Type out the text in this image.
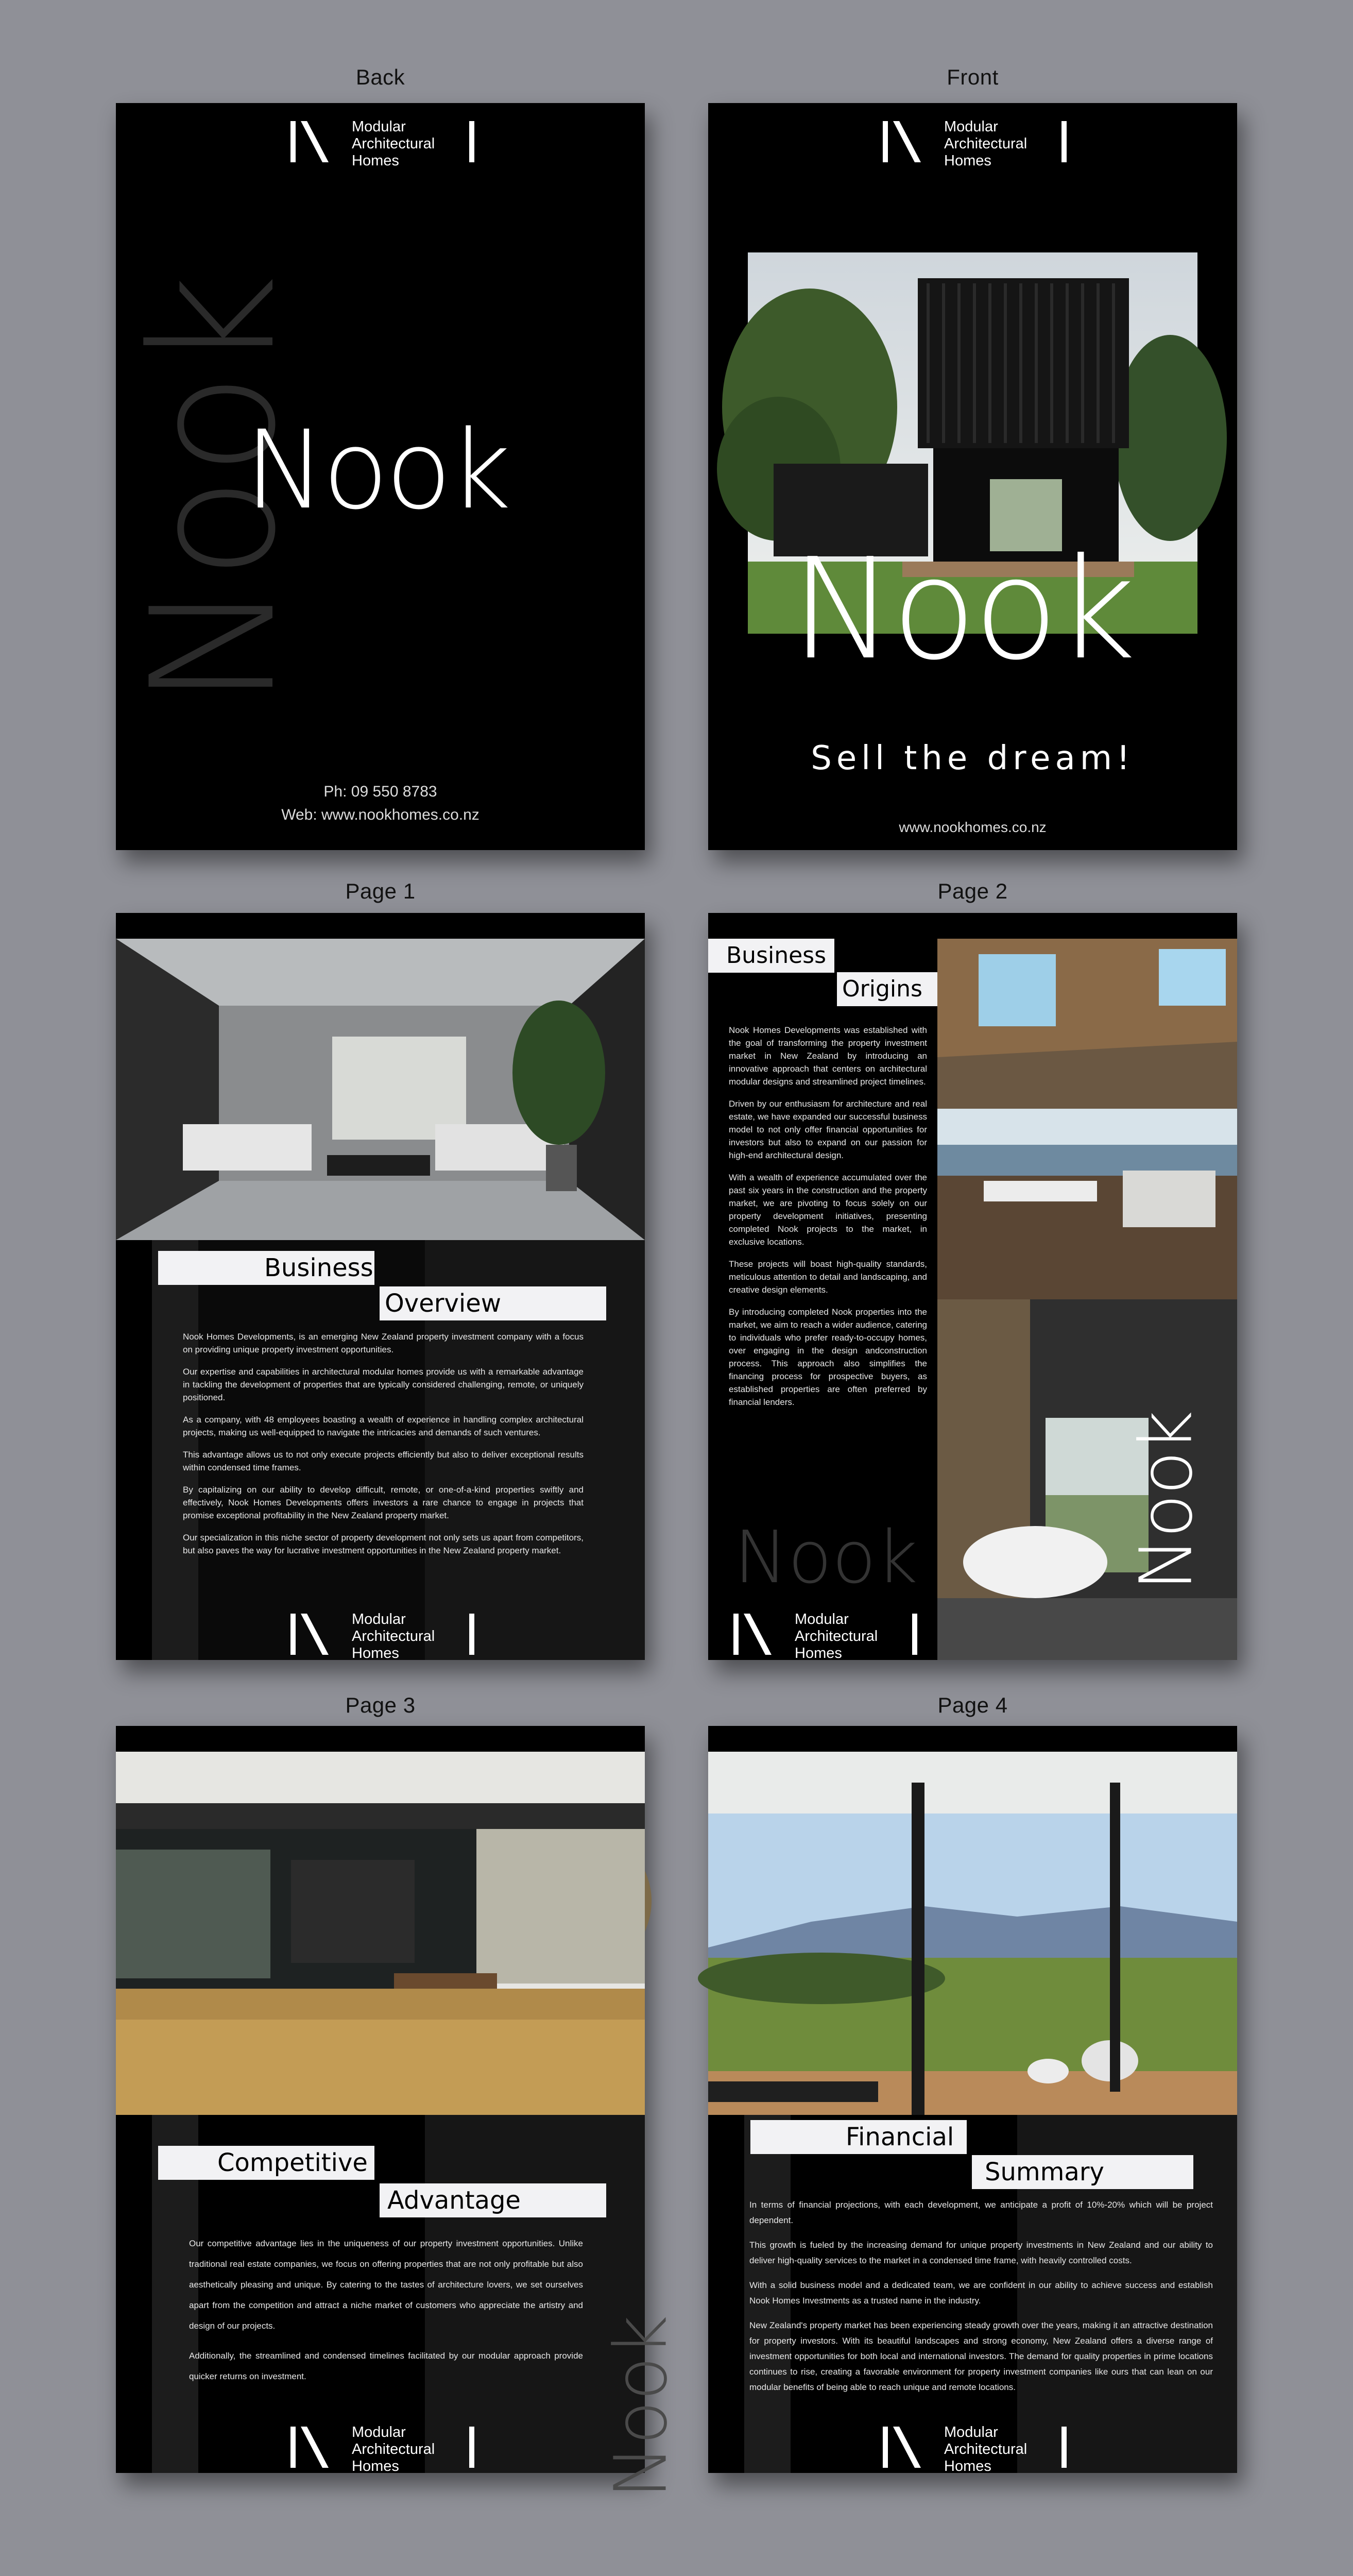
Back	Front
Page 1	Page 2
Page 3	Page 4
Nook
Modular
Architectural
Homes
Nook
Ph: 09 550 8783
Web: www.nookhomes.co.nz
Modular
Architectural
Homes
Nook
Sell the dream!
www.nookhomes.co.nz
Business
Overview

Nook Homes Developments, is an emerging New Zealand property investment company with a focus on providing unique property investment opportunities.

Our expertise and capabilities in architectural modular homes provide us with a remarkable advantage in tackling the development of properties that are typically considered challenging, remote, or uniquely positioned.

As a company, with 48 employees boasting a wealth of experience in handling complex architectural projects, making us well-equipped to navigate the intricacies and demands of such ventures.

This advantage allows us to not only execute projects efficiently but also to deliver exceptional results within condensed time frames.

By capitalizing on our ability to develop difficult, remote, or one-of-a-kind properties swiftly and effectively, Nook Homes Developments offers investors a rare chance to engage in projects that promise exceptional profitability in the New Zealand property market.

Our specialization in this niche sector of property development not only sets us apart from competitors, but also paves the way for lucrative investment opportunities in the New Zealand property market.

Modular
Architectural
Homes
Nook	Nook
Business
Origins

Nook Homes Developments was established with the goal of transforming the property investment market in New Zealand by introducing an innovative approach that centers on architectural modular designs and streamlined project timelines.

Driven by our enthusiasm for architecture and real estate, we have expanded our successful business model to not only offer financial opportunities for investors but also to expand on our passion for high-end architectural design.

With a wealth of experience accumulated over the past six years in the construction and the property market, we are pivoting to focus solely on our property development initiatives, presenting completed Nook projects to the market, in exclusive locations.

These projects will boast high-quality standards, meticulous attention to detail and landscaping, and creative design elements.

By introducing completed Nook properties into the market, we aim to reach a wider audience, catering to individuals who prefer ready-to-occupy homes, over engaging in the design andconstruction process. This approach also simplifies the financing process for prospective buyers, as established properties are often preferred by financial lenders.

Modular
Architectural
Homes
Competitive
Advantage

Our competitive advantage lies in the uniqueness of our property investment opportunities. Unlike traditional real estate companies, we focus on offering properties that are not only profitable but also aesthetically pleasing and unique. By catering to the tastes of architecture lovers, we set ourselves apart from the competition and attract a niche market of customers who appreciate the artistry and design of our projects.

Additionally, the streamlined and condensed timelines facilitated by our modular approach provide quicker returns on investment.	Nook
Modular
Architectural
Homes
Financial
Summary

In terms of financial projections, with each development, we anticipate a profit of 10%-20% which will be project dependent.

This growth is fueled by the increasing demand for unique property investments in New Zealand and our ability to deliver high-quality services to the market in a condensed time frame, with heavily controlled costs.

With a solid business model and a dedicated team, we are confident in our ability to achieve success and establish Nook Homes Investments as a trusted name in the industry.

New Zealand's property market has been experiencing steady growth over the years, making it an attractive destination for property investors. With its beautiful landscapes and strong economy, New Zealand offers a diverse range of investment opportunities for both local and international investors. The demand for quality properties in prime locations continues to rise, creating a favorable environment for property investment companies like ours that can lean on our modular benefits of being able to reach unique and remote locations.

Modular
Architectural
Homes
